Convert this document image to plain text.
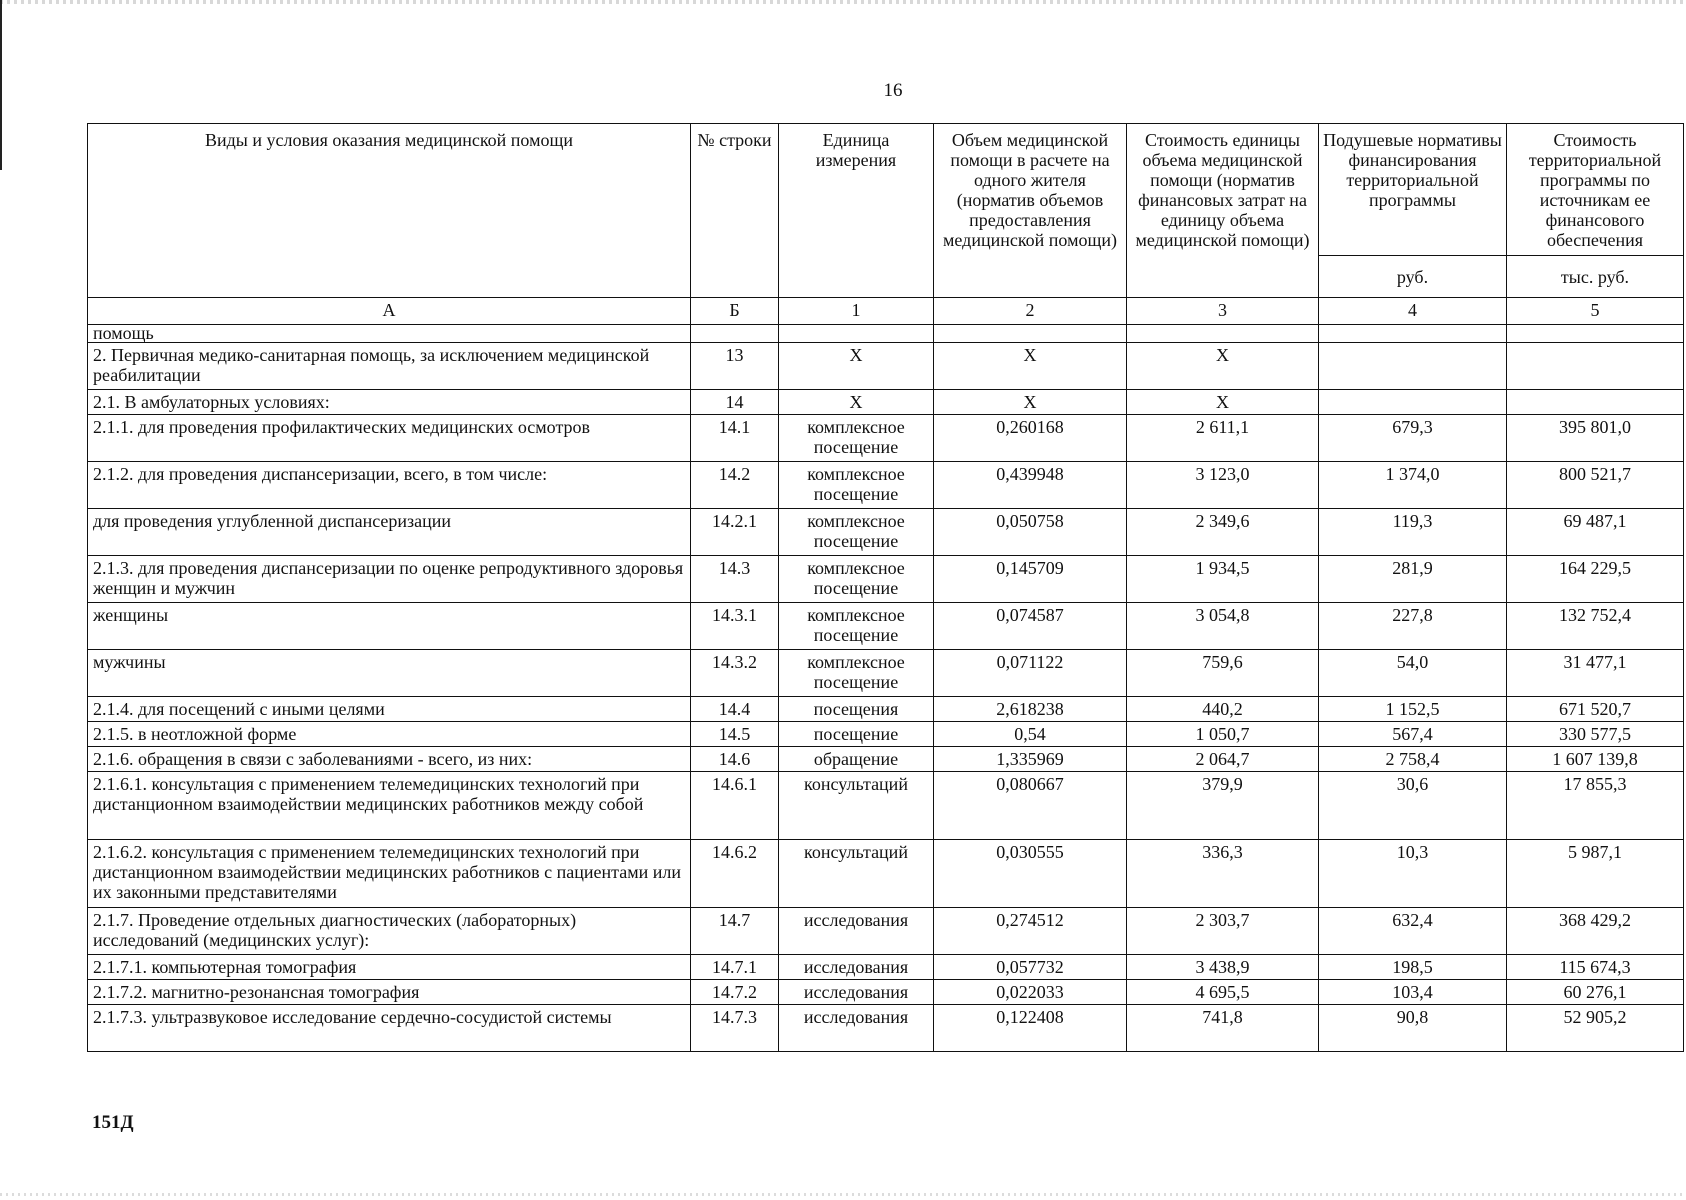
16
Виды и условия оказания медицинской помощи	№ строки	Единица измерения	Объем медицинской помощи в расчете на одного жителя (норматив объемов предоставления медицинской помощи)	Стоимость единицы объема медицинской помощи (норматив финансовых затрат на единицу объема медицинской помощи)	Подушевые нормативы финансирования территориальной программы	Стоимость территориальной программы по источникам ее финансового обеспечения
					руб.	тыс. руб.
А	Б	1	2	3	4	5
помощь						
2. Первичная медико-санитарная помощь, за исключением медицинской реабилитации	13	Х	Х	Х		
2.1. В амбулаторных условиях:	14	Х	Х	Х		
2.1.1. для проведения профилактических медицинских осмотров	14.1	комплексное посещение	0,260168	2 611,1	679,3	395 801,0
2.1.2. для проведения диспансеризации, всего, в том числе:	14.2	комплексное посещение	0,439948	3 123,0	1 374,0	800 521,7
для проведения углубленной диспансеризации	14.2.1	комплексное посещение	0,050758	2 349,6	119,3	69 487,1
2.1.3. для проведения диспансеризации по оценке репродуктивного здоровья женщин и мужчин	14.3	комплексное посещение	0,145709	1 934,5	281,9	164 229,5
женщины	14.3.1	комплексное посещение	0,074587	3 054,8	227,8	132 752,4
мужчины	14.3.2	комплексное посещение	0,071122	759,6	54,0	31 477,1
2.1.4. для посещений с иными целями	14.4	посещения	2,618238	440,2	1 152,5	671 520,7
2.1.5. в неотложной форме	14.5	посещение	0,54	1 050,7	567,4	330 577,5
2.1.6. обращения в связи с заболеваниями - всего, из них:	14.6	обращение	1,335969	2 064,7	2 758,4	1 607 139,8
2.1.6.1. консультация с применением телемедицинских технологий при дистанционном взаимодействии медицинских работников между собой	14.6.1	консультаций	0,080667	379,9	30,6	17 855,3
2.1.6.2. консультация с применением телемедицинских технологий при дистанционном взаимодействии медицинских работников с пациентами или их законными представителями	14.6.2	консультаций	0,030555	336,3	10,3	5 987,1
2.1.7. Проведение отдельных диагностических (лабораторных) исследований (медицинских услуг):	14.7	исследования	0,274512	2 303,7	632,4	368 429,2
2.1.7.1. компьютерная томография	14.7.1	исследования	0,057732	3 438,9	198,5	115 674,3
2.1.7.2. магнитно-резонансная томография	14.7.2	исследования	0,022033	4 695,5	103,4	60 276,1
2.1.7.3. ультразвуковое исследование сердечно-сосудистой системы	14.7.3	исследования	0,122408	741,8	90,8	52 905,2
151Д
